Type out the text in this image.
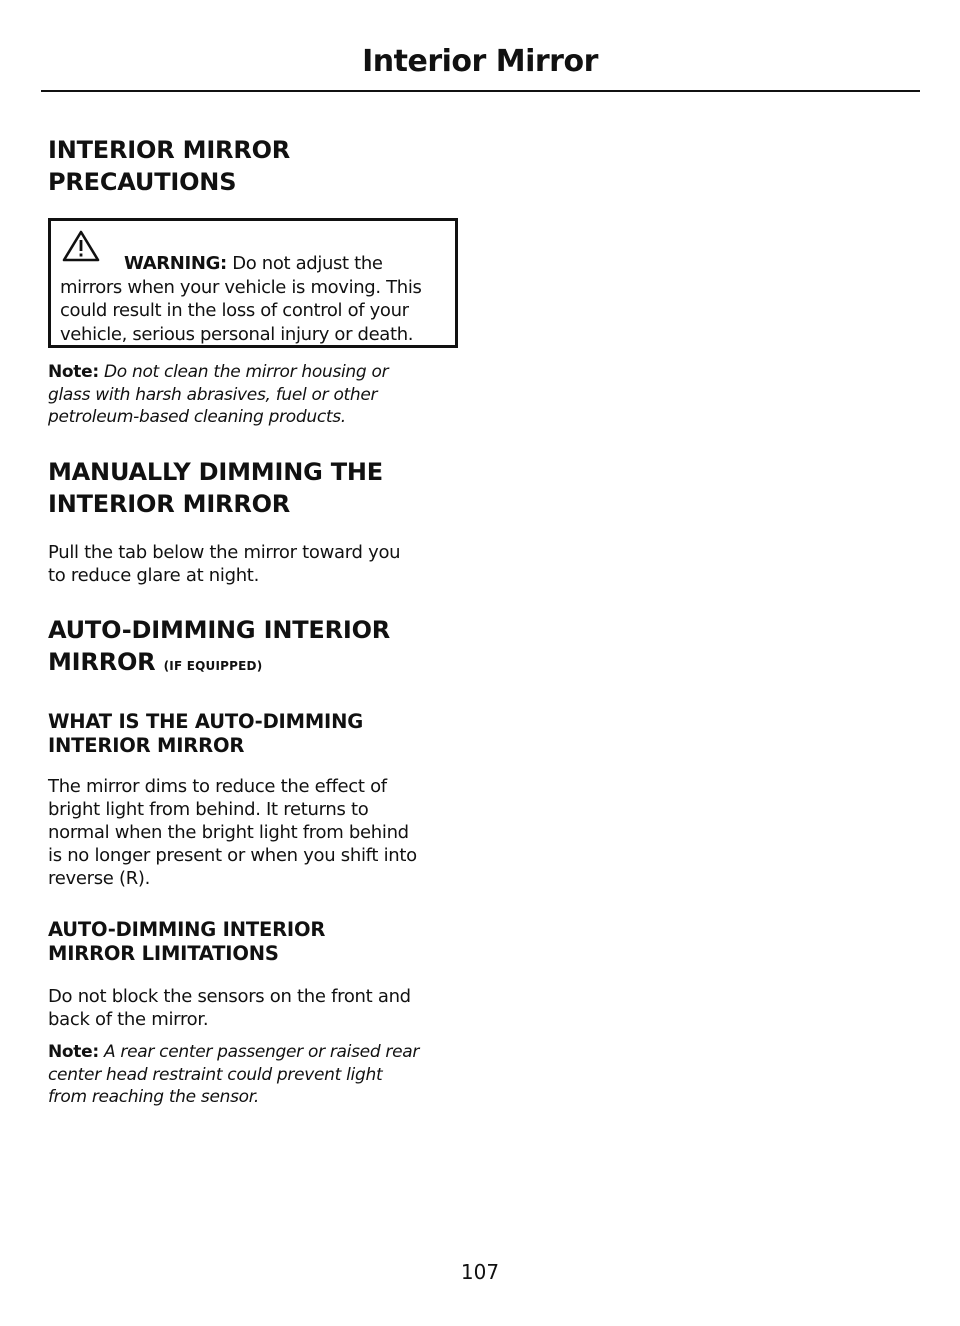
Interior Mirror

INTERIOR MIRROR

PRECAUTIONS

WARNING: Do not adjust the
mirrors when your vehicle is moving. This
could result in the loss of control of your
vehicle, serious personal injury or death.
Note: Do not clean the mirror housing or
glass with harsh abrasives, fuel or other
petroleum-based cleaning products.

MANUALLY DIMMING THE

INTERIOR MIRROR

Pull the tab below the mirror toward you
to reduce glare at night.

AUTO-DIMMING INTERIOR

MIRROR (IF EQUIPPED)

WHAT IS THE AUTO-DIMMING

INTERIOR MIRROR

The mirror dims to reduce the effect of
bright light from behind. It returns to
normal when the bright light from behind
is no longer present or when you shift into
reverse (R).

AUTO-DIMMING INTERIOR

MIRROR LIMITATIONS

Do not block the sensors on the front and
back of the mirror.
Note: A rear center passenger or raised rear
center head restraint could prevent light
from reaching the sensor.
107
